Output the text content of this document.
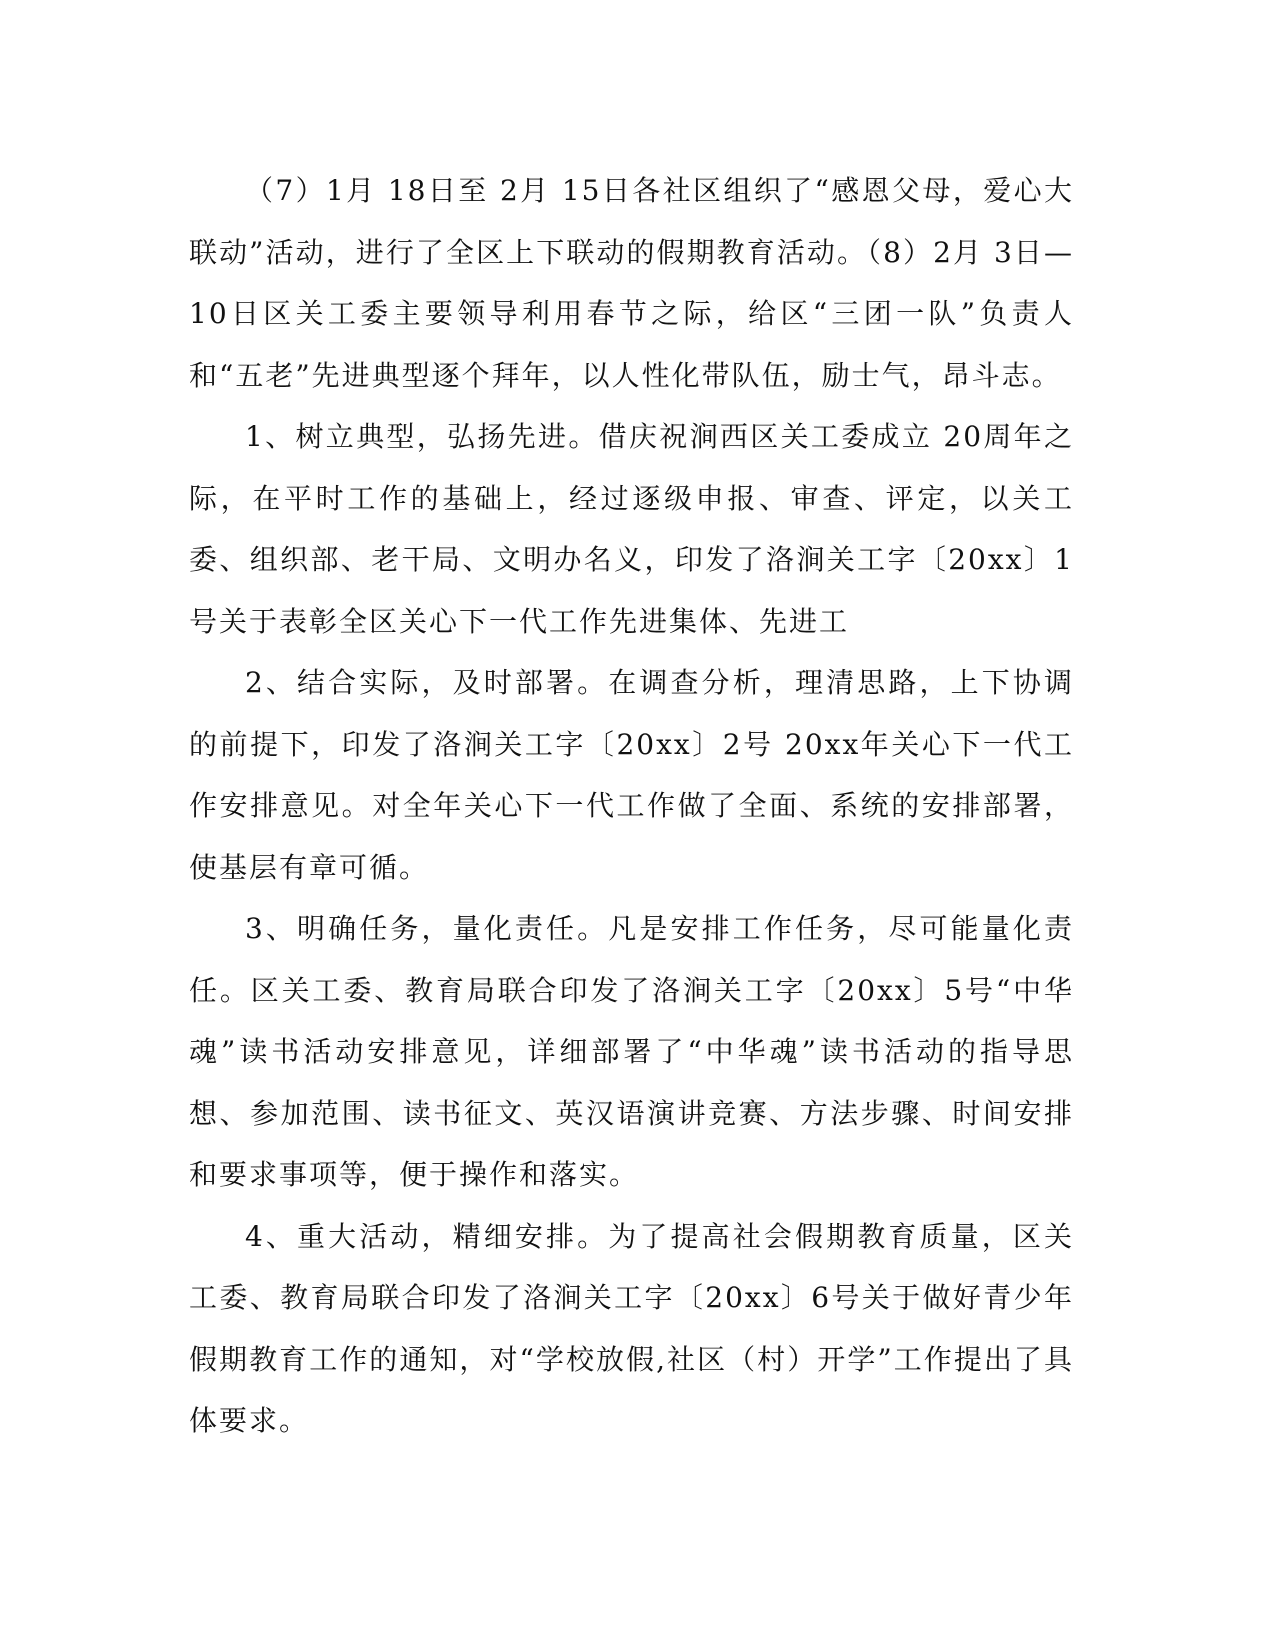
（7）1月 18日至 2月 15日各社区组织了“感恩父母，爱心大联动”活动，进行了全区上下联动的假期教育活动。（8）2月 3日—10日区关工委主要领导利用春节之际，给区“三团一队”负责人和“五老”先进典型逐个拜年，以人性化带队伍，励士气，昂斗志。

1、树立典型，弘扬先进。借庆祝涧西区关工委成立 20周年之际，在平时工作的基础上，经过逐级申报、审查、评定，以关工委、组织部、老干局、文明办名义，印发了洛涧关工字〔20xx〕1号关于表彰全区关心下一代工作先进集体、先进工

2、结合实际，及时部署。在调查分析，理清思路，上下协调的前提下，印发了洛涧关工字〔20xx〕2号 20xx年关心下一代工作安排意见。对全年关心下一代工作做了全面、系统的安排部署，使基层有章可循。

3、明确任务，量化责任。凡是安排工作任务，尽可能量化责任。区关工委、教育局联合印发了洛涧关工字〔20xx〕5号“中华魂”读书活动安排意见，详细部署了“中华魂”读书活动的指导思想、参加范围、读书征文、英汉语演讲竞赛、方法步骤、时间安排和要求事项等，便于操作和落实。

4、重大活动，精细安排。为了提高社会假期教育质量，区关工委、教育局联合印发了洛涧关工字〔20xx〕6号关于做好青少年假期教育工作的通知，对“学校放假,社区（村）开学”工作提出了具体要求。
